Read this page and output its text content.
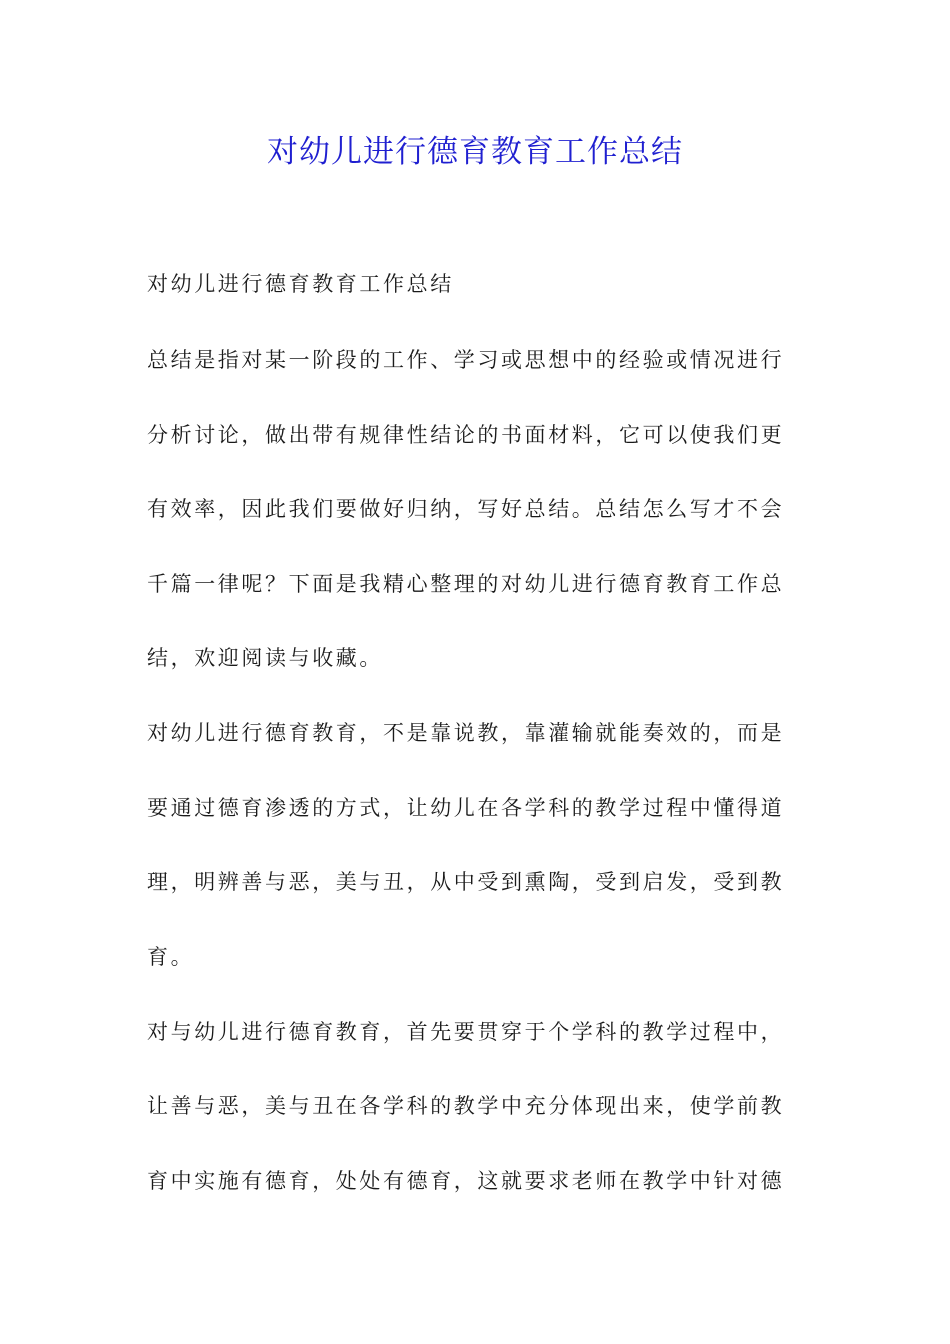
对幼儿进行德育教育工作总结
对幼儿进行德育教育工作总结
总结是指对某一阶段的工作、学习或思想中的经验或情况进行
分析讨论，做出带有规律性结论的书面材料，它可以使我们更
有效率，因此我们要做好归纳，写好总结。总结怎么写才不会
千篇一律呢？下面是我精心整理的对幼儿进行德育教育工作总
结，欢迎阅读与收藏。
对幼儿进行德育教育，不是靠说教，靠灌输就能奏效的，而是
要通过德育渗透的方式，让幼儿在各学科的教学过程中懂得道
理，明辨善与恶，美与丑，从中受到熏陶，受到启发，受到教
育。
对与幼儿进行德育教育，首先要贯穿于个学科的教学过程中，
让善与恶，美与丑在各学科的教学中充分体现出来，使学前教
育中实施有德育，处处有德育，这就要求老师在教学中针对德
